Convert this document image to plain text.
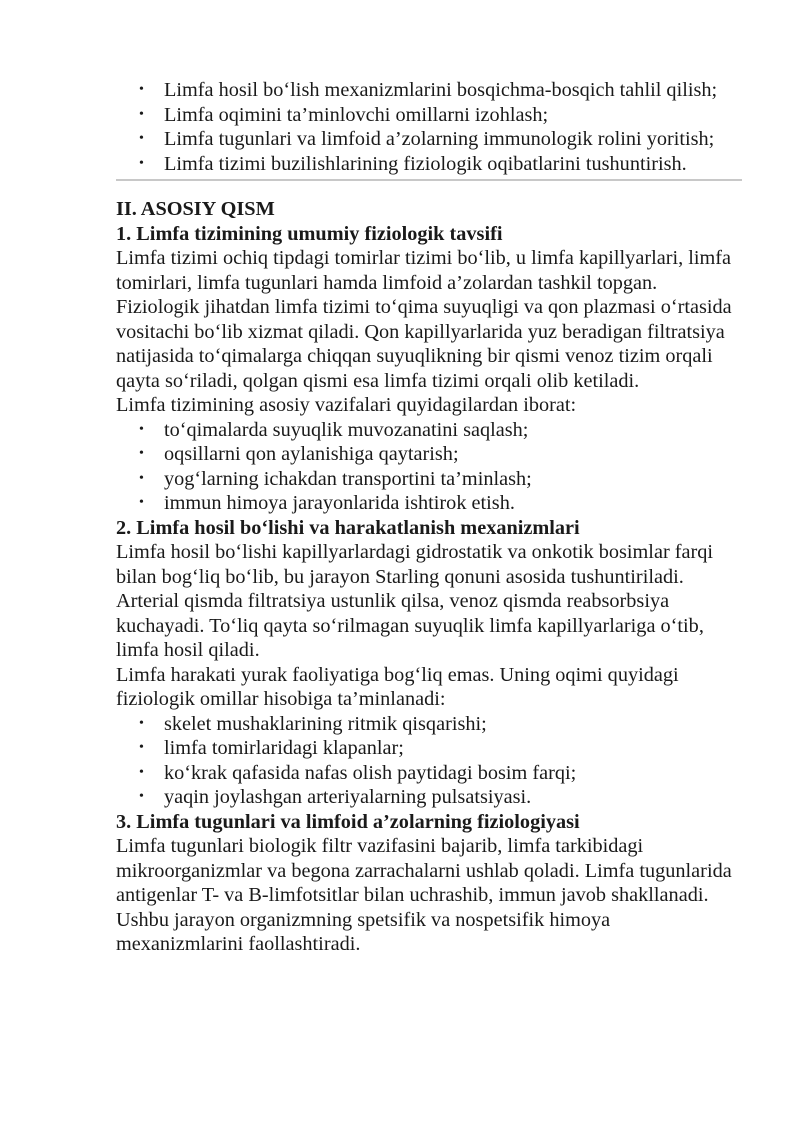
• Limfa hosil bo‘lish mexanizmlarini bosqichma-bosqich tahlil qilish;
• Limfa oqimini ta’minlovchi omillarni izohlash;
• Limfa tugunlari va limfoid a’zolarning immunologik rolini yoritish;
• Limfa tizimi buzilishlarining fiziologik oqibatlarini tushuntirish.
II. ASOSIY QISM
1. Limfa tizimining umumiy fiziologik tavsifi

Limfa tizimi ochiq tipdagi tomirlar tizimi bo‘lib, u limfa kapillyarlari, limfa tomirlari, limfa tugunlari hamda limfoid a’zolardan tashkil topgan. Fiziologik jihatdan limfa tizimi to‘qima suyuqligi va qon plazmasi o‘rtasida vositachi bo‘lib xizmat qiladi. Qon kapillyarlarida yuz beradigan filtratsiya natijasida to‘qimalarga chiqqan suyuqlikning bir qismi venoz tizim orqali qayta so‘riladi, qolgan qismi esa limfa tizimi orqali olib ketiladi.

Limfa tizimining asosiy vazifalari quyidagilardan iborat:

• to‘qimalarda suyuqlik muvozanatini saqlash;
• oqsillarni qon aylanishiga qaytarish;
• yog‘larning ichakdan transportini ta’minlash;
• immun himoya jarayonlarida ishtirok etish.
2. Limfa hosil bo‘lishi va harakatlanish mexanizmlari

Limfa hosil bo‘lishi kapillyarlardagi gidrostatik va onkotik bosimlar farqi bilan bog‘liq bo‘lib, bu jarayon Starling qonuni asosida tushuntiriladi. Arterial qismda filtratsiya ustunlik qilsa, venoz qismda reabsorbsiya kuchayadi. To‘liq qayta so‘rilmagan suyuqlik limfa kapillyarlariga o‘tib, limfa hosil qiladi.

Limfa harakati yurak faoliyatiga bog‘liq emas. Uning oqimi quyidagi fiziologik omillar hisobiga ta’minlanadi:

• skelet mushaklarining ritmik qisqarishi;
• limfa tomirlaridagi klapanlar;
• ko‘krak qafasida nafas olish paytidagi bosim farqi;
• yaqin joylashgan arteriyalarning pulsatsiyasi.
3. Limfa tugunlari va limfoid a’zolarning fiziologiyasi

Limfa tugunlari biologik filtr vazifasini bajarib, limfa tarkibidagi mikroorganizmlar va begona zarrachalarni ushlab qoladi. Limfa tugunlarida antigenlar T- va B-limfotsitlar bilan uchrashib, immun javob shakllanadi. Ushbu jarayon organizmning spetsifik va nospetsifik himoya mexanizmlarini faollashtiradi.
